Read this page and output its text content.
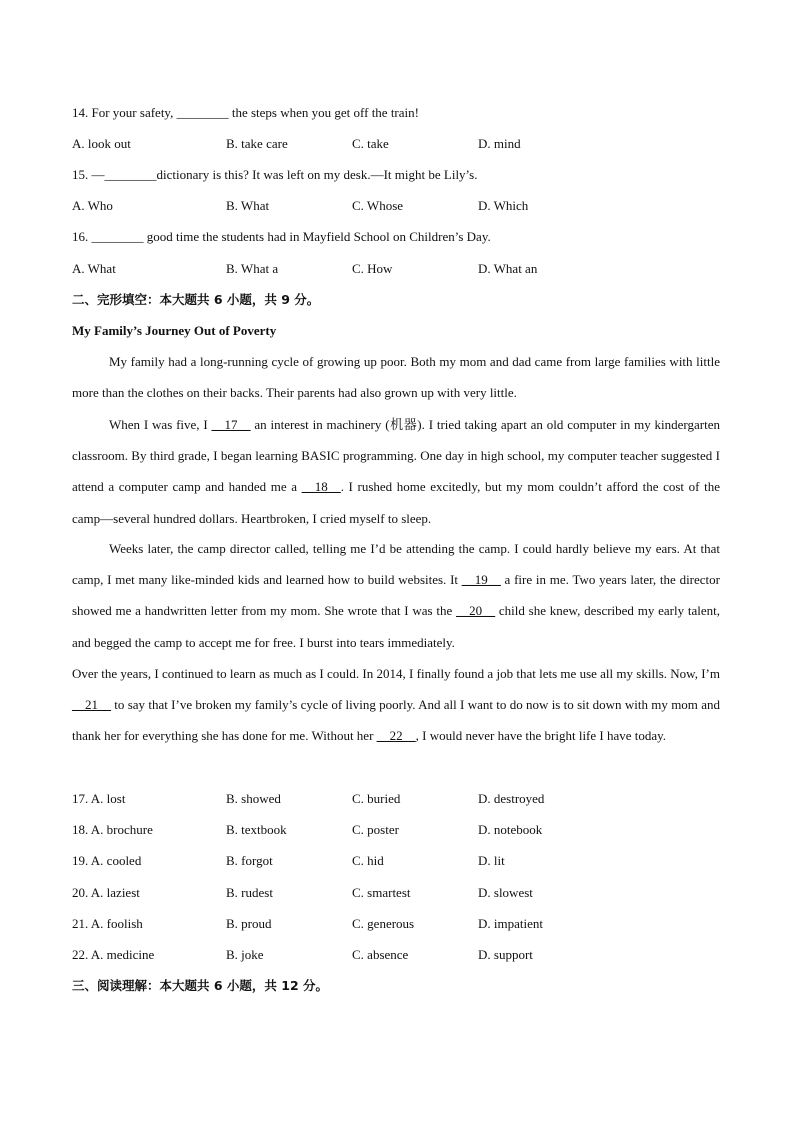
14. For your safety, ________ the steps when you get off the train!
A. look out	B. take care	C. take	D. mind
15. —________dictionary is this? It was left on my desk.—It might be Lily’s.
A. Who	B. What	C. Whose	D. Which
16. ________ good time the students had in Mayfield School on Children’s Day.
A. What	B. What a	C. How	D. What an
二、完形填空：本大题共 6 小题，共 9 分。
My Family’s Journey Out of Poverty
My family had a long-running cycle of growing up poor. Both my mom and dad came from large families with little more than the clothes on their backs. Their parents had also grown up with very little.
When I was five, I __17__ an interest in machinery (机器). I tried taking apart an old computer in my kindergarten classroom. By third grade, I began learning BASIC programming. One day in high school, my computer teacher suggested I attend a computer camp and handed me a __18__. I rushed home excitedly, but my mom couldn’t afford the cost of the camp—several hundred dollars. Heartbroken, I cried myself to sleep.
Weeks later, the camp director called, telling me I’d be attending the camp. I could hardly believe my ears. At that camp, I met many like-minded kids and learned how to build websites. It __19__ a fire in me. Two years later, the director showed me a handwritten letter from my mom. She wrote that I was the __20__ child she knew, described my early talent, and begged the camp to accept me for free. I burst into tears immediately.
Over the years, I continued to learn as much as I could. In 2014, I finally found a job that lets me use all my skills. Now, I’m __21__ to say that I’ve broken my family’s cycle of living poorly. And all I want to do now is to sit down with my mom and thank her for everything she has done for me. Without her __22__, I would never have the bright life I have today.
17. A. lost	B. showed	C. buried	D. destroyed
18. A. brochure	B. textbook	C. poster	D. notebook
19. A. cooled	B. forgot	C. hid	D. lit
20. A. laziest	B. rudest	C. smartest	D. slowest
21. A. foolish	B. proud	C. generous	D. impatient
22. A. medicine	B. joke	C. absence	D. support
三、阅读理解：本大题共 6 小题，共 12 分。
